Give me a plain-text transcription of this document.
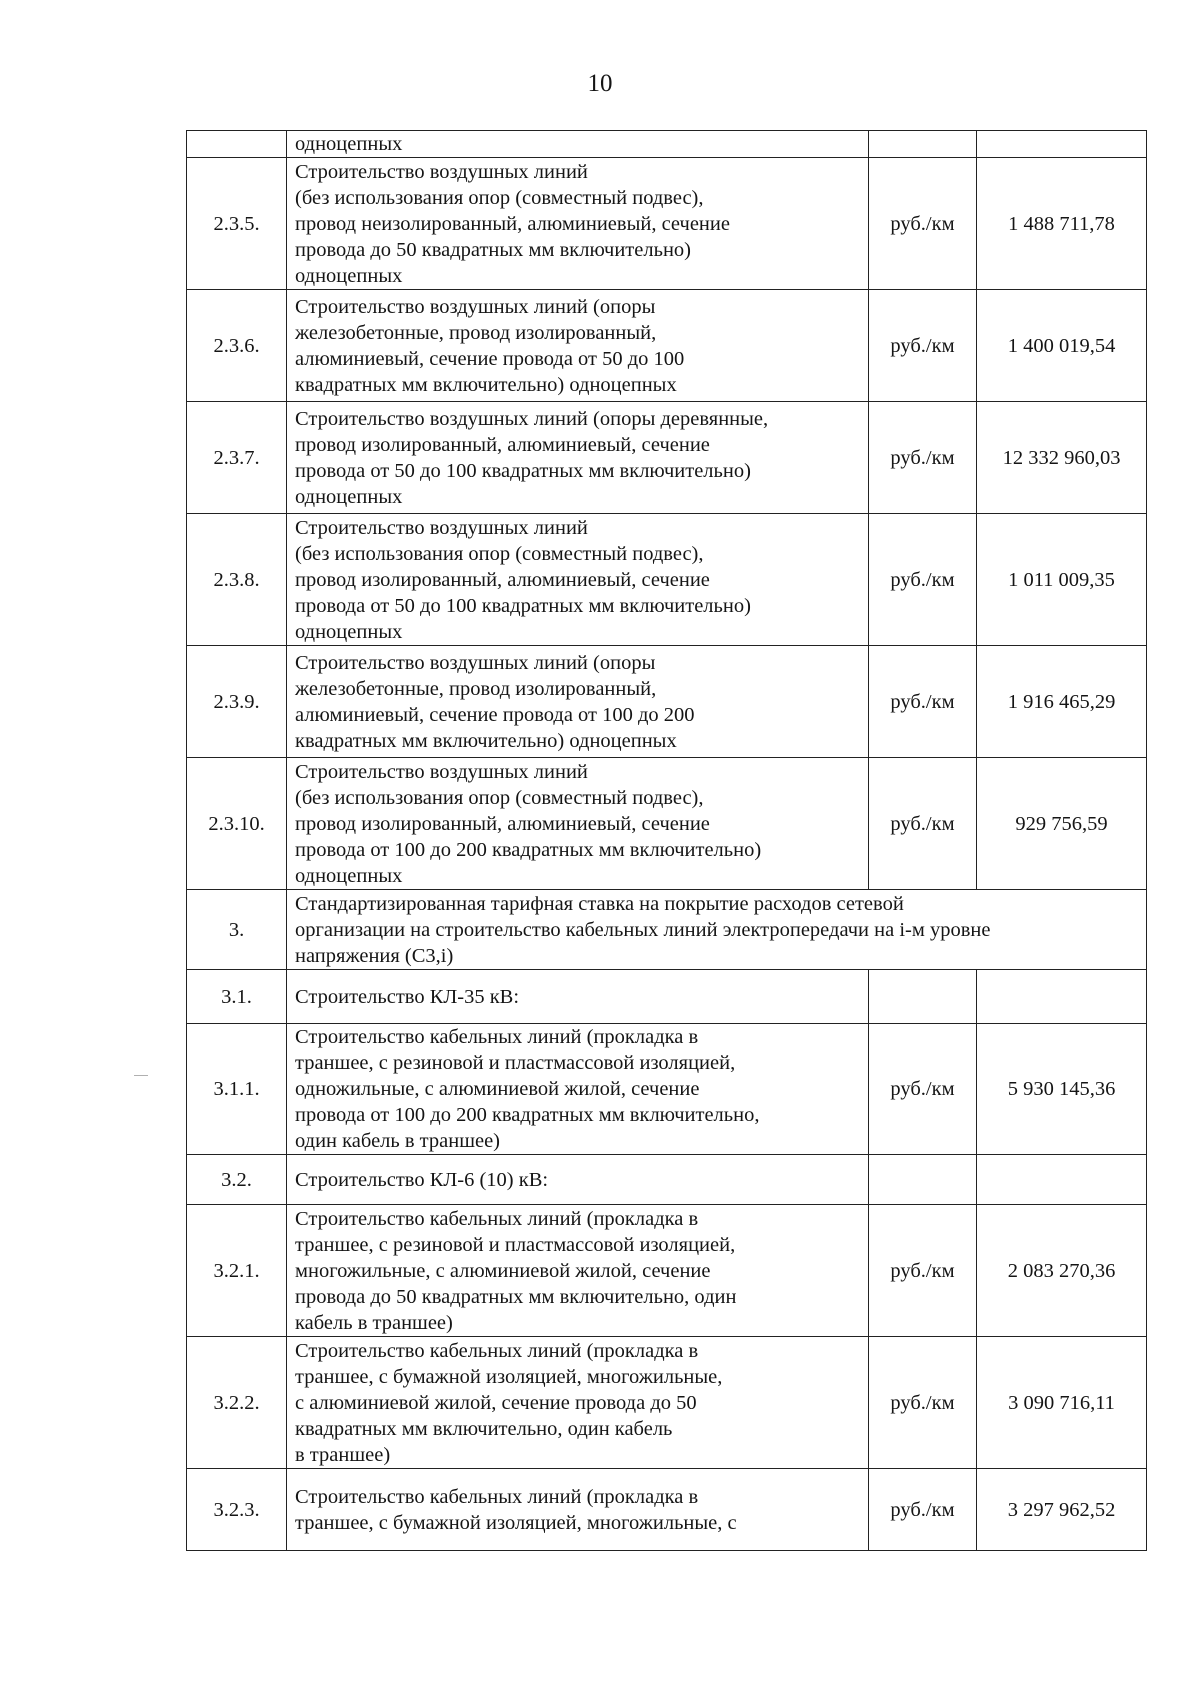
10
	одноцепных		
2.3.5.	Строительство воздушных линий
(без использования опор (совместный подвес),
провод неизолированный, алюминиевый, сечение
провода до 50 квадратных мм включительно)
одноцепных	руб./км	1 488 711,78
2.3.6.	Строительство воздушных линий (опоры
железобетонные, провод изолированный,
алюминиевый, сечение провода от 50 до 100
квадратных мм включительно) одноцепных	руб./км	1 400 019,54
2.3.7.	Строительство воздушных линий (опоры деревянные,
провод изолированный, алюминиевый, сечение
провода от 50 до 100 квадратных мм включительно)
одноцепных	руб./км	12 332 960,03
2.3.8.	Строительство воздушных линий
(без использования опор (совместный подвес),
провод изолированный, алюминиевый, сечение
провода от 50 до 100 квадратных мм включительно)
одноцепных	руб./км	1 011 009,35
2.3.9.	Строительство воздушных линий (опоры
железобетонные, провод изолированный,
алюминиевый, сечение провода от 100 до 200
квадратных мм включительно) одноцепных	руб./км	1 916 465,29
2.3.10.	Строительство воздушных линий
(без использования опор (совместный подвес),
провод изолированный, алюминиевый, сечение
провода от 100 до 200 квадратных мм включительно)
одноцепных	руб./км	929 756,59
3.	Стандартизированная тарифная ставка на покрытие расходов сетевой
организации на строительство кабельных линий электропередачи на i-м уровне
напряжения (С3,i)		
3.1.	Строительство КЛ-35 кВ:		
3.1.1.	Строительство кабельных линий (прокладка в
траншее, с резиновой и пластмассовой изоляцией,
одножильные, с алюминиевой жилой, сечение
провода от 100 до 200 квадратных мм включительно,
один кабель в траншее)	руб./км	5 930 145,36
3.2.	Строительство КЛ-6 (10) кВ:		
3.2.1.	Строительство кабельных линий (прокладка в
траншее, с резиновой и пластмассовой изоляцией,
многожильные, с алюминиевой жилой, сечение
провода до 50 квадратных мм включительно, один
кабель в траншее)	руб./км	2 083 270,36
3.2.2.	Строительство кабельных линий (прокладка в
траншее, с бумажной изоляцией, многожильные,
с алюминиевой жилой, сечение провода до 50
квадратных мм включительно, один кабель
в траншее)	руб./км	3 090 716,11
3.2.3.	Строительство кабельных линий (прокладка в
траншее, с бумажной изоляцией, многожильные, с	руб./км	3 297 962,52
